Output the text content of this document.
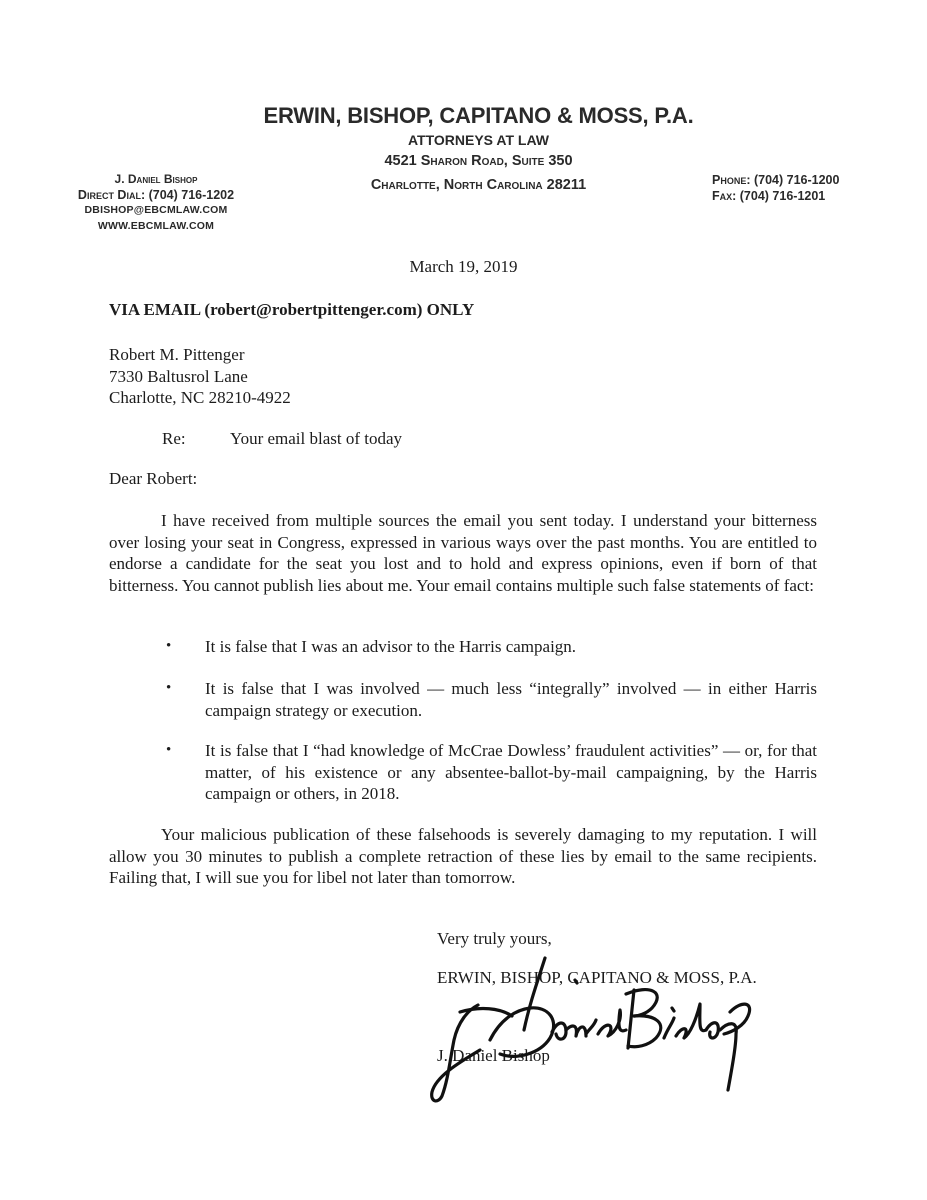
ERWIN, BISHOP, CAPITANO & MOSS, P.A.
ATTORNEYS AT LAW
4521 Sharon Road, Suite 350
Charlotte, North Carolina 28211
J. Daniel Bishop
Direct Dial: (704) 716-1202
DBISHOP@EBCMLAW.COM
WWW.EBCMLAW.COM
Phone: (704) 716-1200
Fax: (704) 716-1201
March 19, 2019
VIA EMAIL (robert@robertpittenger.com) ONLY
Robert M. Pittenger
7330 Baltusrol Lane
Charlotte, NC 28210-4922
Re:	Your email blast of today
Dear Robert:

I have received from multiple sources the email you sent today. I understand your bitterness over losing your seat in Congress, expressed in various ways over the past months. You are entitled to endorse a candidate for the seat you lost and to hold and express opinions, even if born of that bitterness. You cannot publish lies about me. Your email contains multiple such false statements of fact:

• It is false that I was an advisor to the Harris campaign.
• It is false that I was involved — much less “integrally” involved — in either Harris campaign strategy or execution.
• It is false that I “had knowledge of McCrae Dowless’ fraudulent activities” — or, for that matter, of his existence or any absentee-ballot-by-mail campaigning, by the Harris campaign or others, in 2018.

Your malicious publication of these falsehoods is severely damaging to my reputation. I will allow you 30 minutes to publish a complete retraction of these lies by email to the same recipients. Failing that, I will sue you for libel not later than tomorrow.

Very truly yours,
ERWIN, BISHOP, CAPITANO & MOSS, P.A.
J. Daniel Bishop
